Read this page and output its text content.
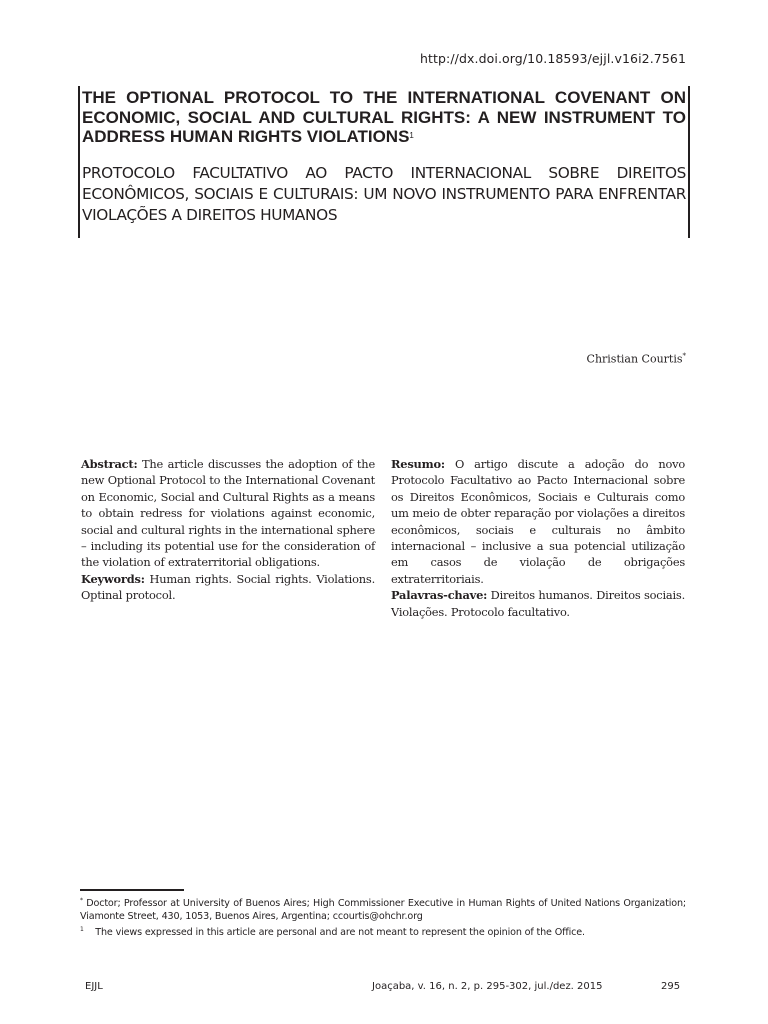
http://dx.doi.org/10.18593/ejjl.v16i2.7561
THE OPTIONAL PROTOCOL TO THE INTERNATIONAL COVENANT ON ECONOMIC, SOCIAL AND CULTURAL RIGHTS: A NEW INSTRUMENT TO ADDRESS HUMAN RIGHTS VIOLATIONS$^1$
PROTOCOLO FACULTATIVO AO PACTO INTERNACIONAL SOBRE DIREITOS ECONÔMICOS, SOCIAIS E CULTURAIS: UM NOVO INSTRUMENTO PARA ENFRENTAR VIOLAÇÕES A DIREITOS HUMANOS
Christian Courtis*
Abstract: The article discusses the adoption of the new Optional Protocol to the International Covenant on Economic, Social and Cultural Rights as a means to obtain redress for violations against economic, social and cultural rights in the international sphere – including its potential use for the consideration of the violation of extraterritorial obligations.
Keywords: Human rights. Social rights. Violations. Optinal protocol.
Resumo: O artigo discute a adoção do novo Protocolo Facultativo ao Pacto Internacional sobre os Direitos Econômicos, Sociais e Culturais como um meio de obter reparação por violações a direitos econômicos, sociais e culturais no âmbito internacional – inclusive a sua potencial utilização em casos de violação de obrigações extraterritoriais.
Palavras-chave: Direitos humanos. Direitos sociais. Violações. Protocolo facultativo.
* Doctor; Professor at University of Buenos Aires; High Commissioner Executive in Human Rights of United Nations Organization; Viamonte Street, 430, 1053, Buenos Aires, Argentina; ccourtis@ohchr.org
$^1$ The views expressed in this article are personal and are not meant to represent the opinion of the Office.
EJJL	Joaçaba, v. 16, n. 2, p. 295-302, jul./dez. 2015	295
